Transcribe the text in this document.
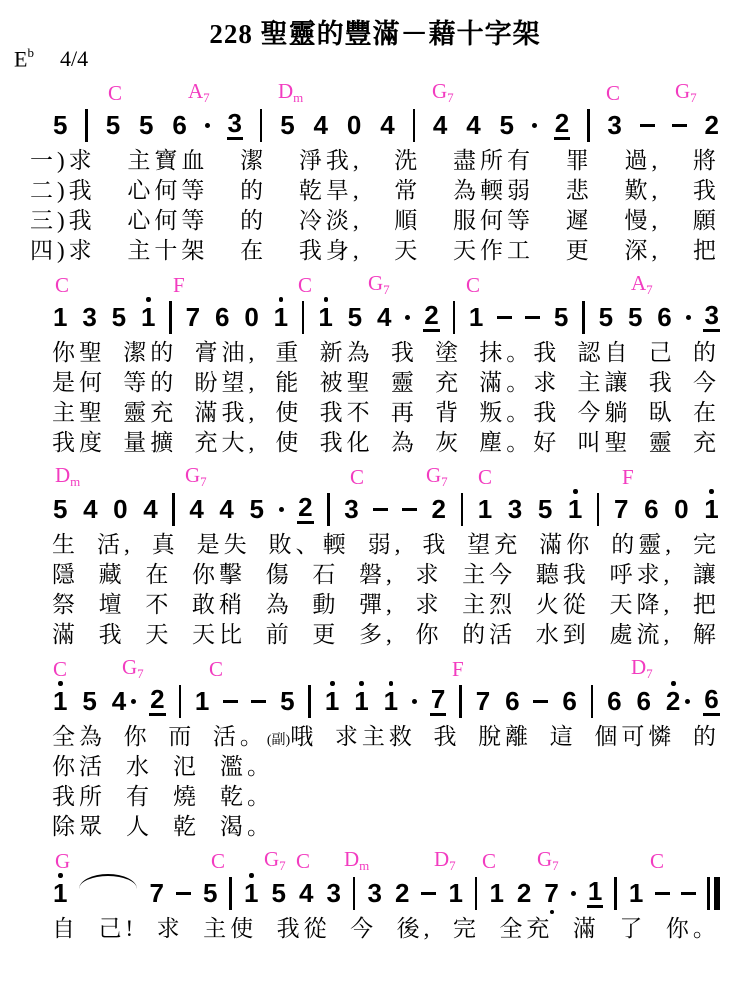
228 聖靈的豐滿－藉十字架
$E^b$ 4/4
C	$A_7$	$D_m$	$G_7$	C	$G_7$
5 5 5 6 3 5 4 0 4 4 4 5 2 3	2
一)求 主寶血 潔 淨我, 洗 盡所有 罪 過, 將
二)我 心何等 的 乾旱, 常 為輭弱 悲 歎, 我
三)我 心何等 的 冷淡, 順 服何等 遲 慢, 願
四)求 主十架 在 我身, 天 天作工 更 深, 把
C	F	C	$G_7$	C	$A_7$
1 3 5 1 7 6 0 1 1 5 4 2 1	5 5 5 6 3
你聖 潔的 膏油, 重 新為 我 塗 抹。我 認自 己 的
是何 等的 盼望, 能 被聖 靈 充 滿。求 主讓 我 今
主聖 靈充 滿我, 使 我不 再 背 叛。我 今躺 臥 在
我度 量擴 充大, 使 我化 為 灰 塵。好 叫聖 靈 充
$D_m$	$G_7$	C	$G_7$ C	F
5 4 0 4 4 4 5 2 3	2 1 3 5 1 7 6 0 1
生 活, 真 是失 敗、輭 弱, 我 望充 滿你 的靈, 完
隱 藏 在 你擊 傷 石 磐, 求 主今 聽我 呼求, 讓
祭 壇 不 敢稍 為 動 彈, 求 主烈 火從 天降, 把
滿 我 天 天比 前 更 多, 你 的活 水到 處流, 解
C	$G_7$	C	F	$D_7$
1 5 4 2 1	5 1 1 1 7 7 6 6 6 6 2 6
全為 你 而 活。(副)哦 求主救 我 脫離 這 個可憐 的
你活 水 氾 濫。
我所 有 燒 乾。
除眾 人 乾 渴。
G	C $G_7$ C $D_m$	$D_7$ C $G_7$	C
1	7 5 1 5 4 3 3 2 1 1 2 7 1 1
自 己! 求 主使 我從 今 後, 完 全充 滿 了 你。
